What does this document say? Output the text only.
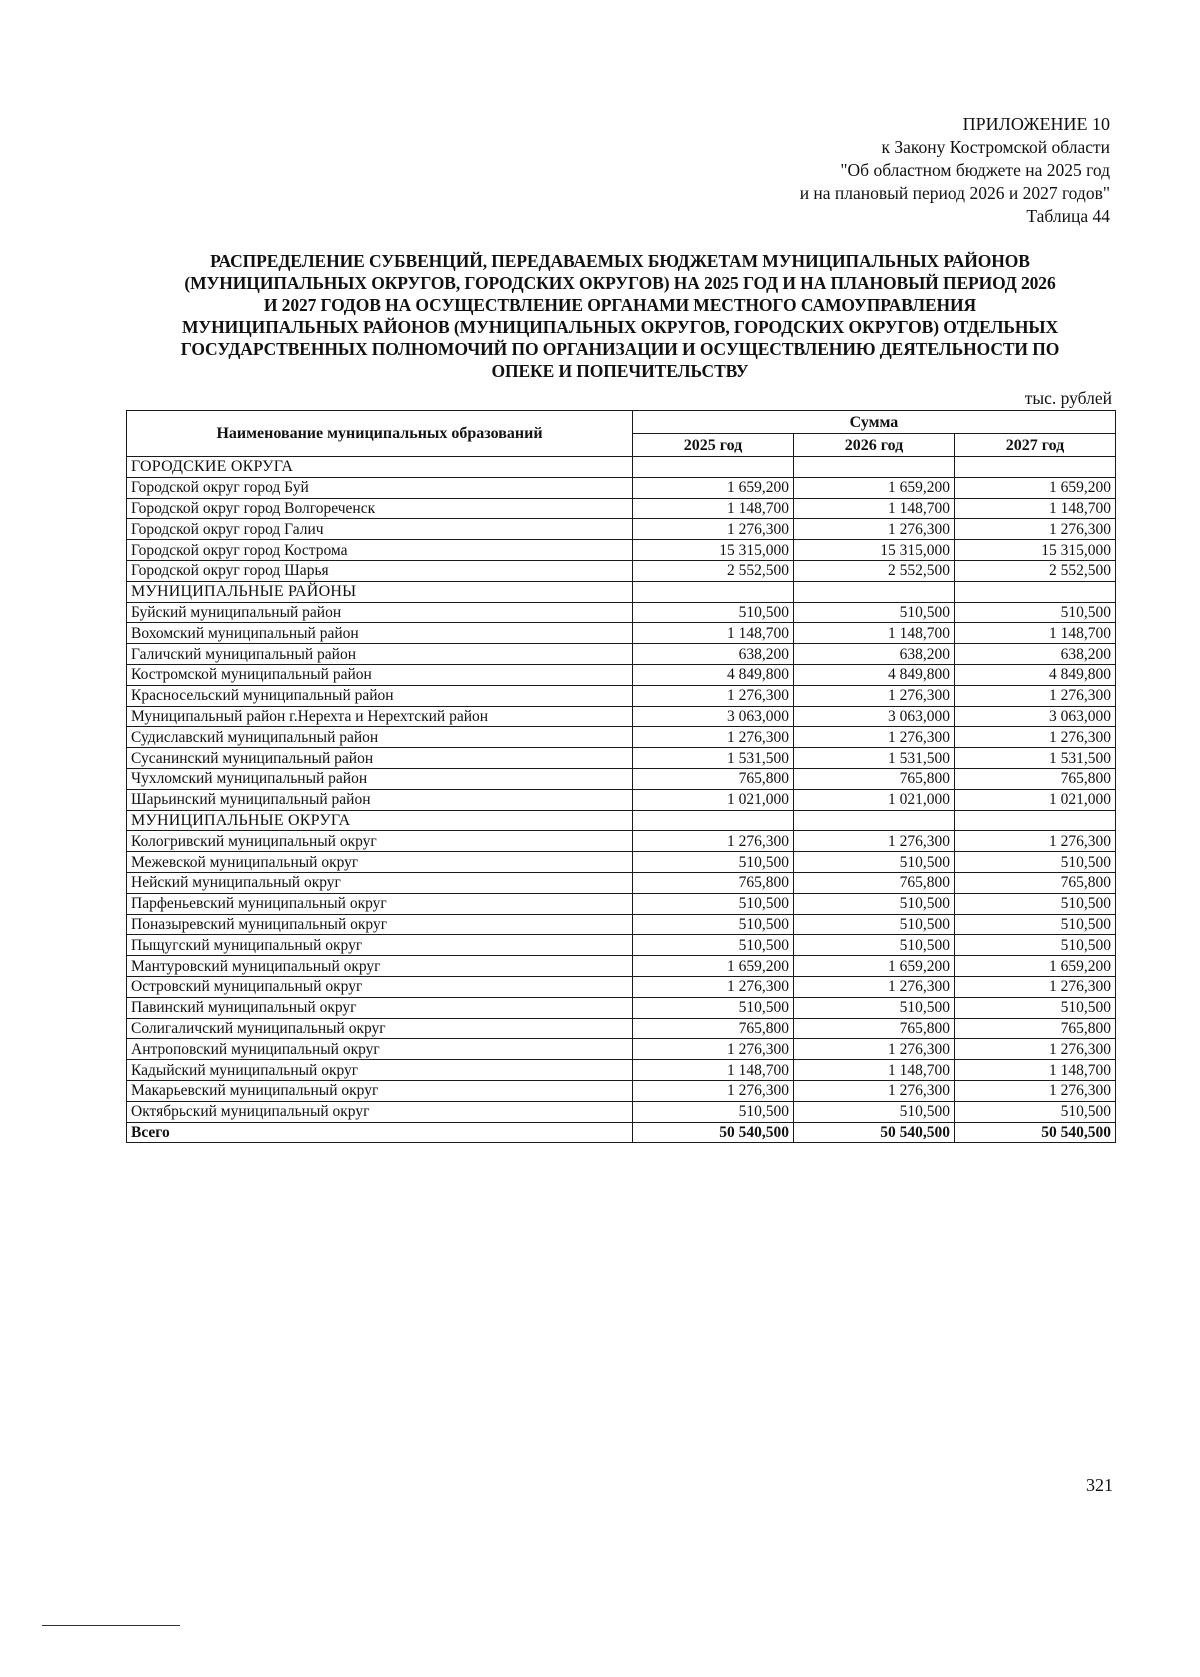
ПРИЛОЖЕНИЕ 10
к Закону Костромской области
"Об областном бюджете на 2025 год
и на плановый период 2026 и 2027 годов"
Таблица 44
РАСПРЕДЕЛЕНИЕ СУБВЕНЦИЙ, ПЕРЕДАВАЕМЫХ БЮДЖЕТАМ МУНИЦИПАЛЬНЫХ РАЙОНОВ
(МУНИЦИПАЛЬНЫХ ОКРУГОВ, ГОРОДСКИХ ОКРУГОВ) НА 2025 ГОД И НА ПЛАНОВЫЙ ПЕРИОД 2026
И 2027 ГОДОВ НА ОСУЩЕСТВЛЕНИЕ ОРГАНАМИ МЕСТНОГО САМОУПРАВЛЕНИЯ
МУНИЦИПАЛЬНЫХ РАЙОНОВ (МУНИЦИПАЛЬНЫХ ОКРУГОВ, ГОРОДСКИХ ОКРУГОВ) ОТДЕЛЬНЫХ
ГОСУДАРСТВЕННЫХ ПОЛНОМОЧИЙ ПО ОРГАНИЗАЦИИ И ОСУЩЕСТВЛЕНИЮ ДЕЯТЕЛЬНОСТИ ПО
ОПЕКЕ И ПОПЕЧИТЕЛЬСТВУ
тыс. рублей
Наименование муниципальных образований	Сумма		
	2025 год	2026 год	2027 год
ГОРОДСКИЕ ОКРУГА			
Городской округ город Буй	1 659,200	1 659,200	1 659,200
Городской округ город Волгореченск	1 148,700	1 148,700	1 148,700
Городской округ город Галич	1 276,300	1 276,300	1 276,300
Городской округ город Кострома	15 315,000	15 315,000	15 315,000
Городской округ город Шарья	2 552,500	2 552,500	2 552,500
МУНИЦИПАЛЬНЫЕ РАЙОНЫ			
Буйский муниципальный район	510,500	510,500	510,500
Вохомский муниципальный район	1 148,700	1 148,700	1 148,700
Галичский муниципальный район	638,200	638,200	638,200
Костромской муниципальный район	4 849,800	4 849,800	4 849,800
Красносельский муниципальный район	1 276,300	1 276,300	1 276,300
Муниципальный район г.Нерехта и Нерехтский район	3 063,000	3 063,000	3 063,000
Судиславский муниципальный район	1 276,300	1 276,300	1 276,300
Сусанинский муниципальный район	1 531,500	1 531,500	1 531,500
Чухломский муниципальный район	765,800	765,800	765,800
Шарьинский муниципальный район	1 021,000	1 021,000	1 021,000
МУНИЦИПАЛЬНЫЕ ОКРУГА			
Кологривский муниципальный округ	1 276,300	1 276,300	1 276,300
Межевской муниципальный округ	510,500	510,500	510,500
Нейский муниципальный округ	765,800	765,800	765,800
Парфеньевский муниципальный округ	510,500	510,500	510,500
Поназыревский муниципальный округ	510,500	510,500	510,500
Пыщугский муниципальный округ	510,500	510,500	510,500
Мантуровский муниципальный округ	1 659,200	1 659,200	1 659,200
Островский муниципальный округ	1 276,300	1 276,300	1 276,300
Павинский муниципальный округ	510,500	510,500	510,500
Солигаличский муниципальный округ	765,800	765,800	765,800
Антроповский муниципальный округ	1 276,300	1 276,300	1 276,300
Кадыйский муниципальный округ	1 148,700	1 148,700	1 148,700
Макарьевский муниципальный округ	1 276,300	1 276,300	1 276,300
Октябрьский муниципальный округ	510,500	510,500	510,500
Всего	50 540,500	50 540,500	50 540,500
321
